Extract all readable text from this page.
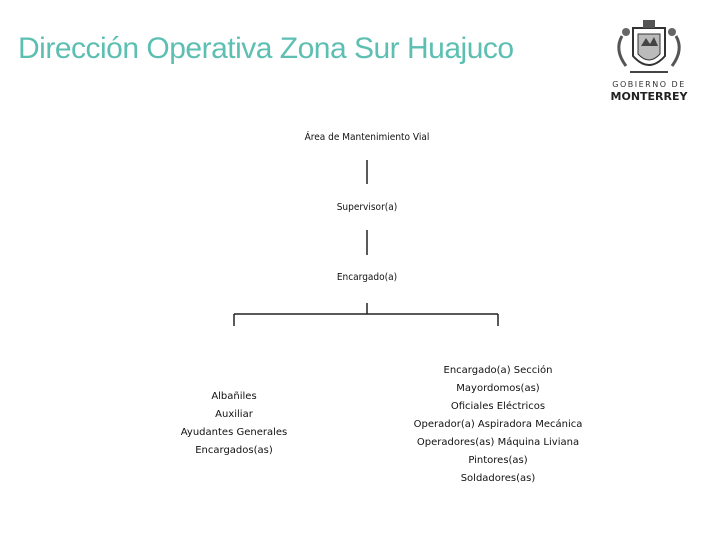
Dirección Operativa Zona Sur Huajuco
GOBIERNO DE
MONTERREY
Área de Mantenimiento Vial
Supervisor(a)
Encargado(a)
Albañiles
Auxiliar
Ayudantes Generales
Encargados(as)
Encargado(a) Sección
Mayordomos(as)
Oficiales Eléctricos
Operador(a) Aspiradora Mecánica
Operadores(as) Máquina Liviana
Pintores(as)
Soldadores(as)
